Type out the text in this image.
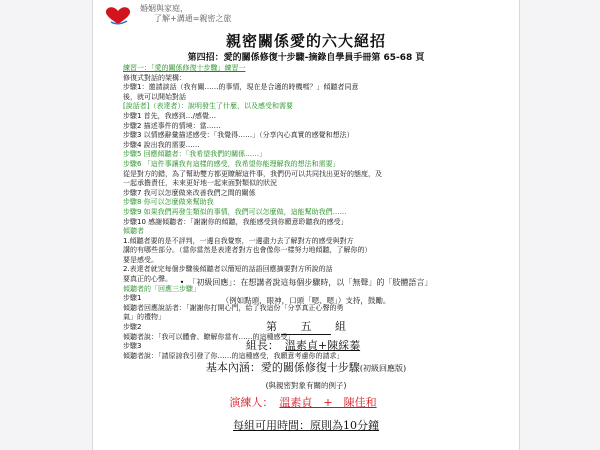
婚姻與家庭，
了解+溝通=親密之旅
親密關係愛的六大絕招
第四招：愛的關係修復十步驟-摘錄自學員手冊第 65-68 頁
練習一：「愛的關係修復十步驟」練習一
修復式對話的架構：
步驟1：邀請談話（我有關……的事情，現在是合適的時機嗎？」傾聽者同意
後，就可以開始對話
[說話者]（表達者）：說明發生了什麼，以及感受和需要
步驟1 首先，我感到…/感覺…
步驟2 描述事件的情境：當……
步驟3 以情感辭彙描述感受：「我覺得……」（分享內心真實的感覺和想法）
步驟4 說出我的需要……
步驟5 回應傾聽者：「我希望我們的關係……」
步驟6 「這件事讓我有這樣的感受，我希望你能理解我的想法和需要」
從是對方的錯，為了幫助雙方都更瞭解這件事，我們仍可以共同找出更好的態度，及
一起承擔責任，未來更好地一起來面對類似的狀況
步驟7 我可以怎麼做來改善我們之間的關係
步驟8 你可以怎麼做來幫助我
步驟9 如果我們再發生類似的事情，我們可以怎麼做，這能幫助我們……
步驟10 感謝傾聽者：「謝謝你的傾聽，我能感受到你願意聆聽我的感受」
傾聽者
1.傾聽者要的是不評判，一邊自我覺察，一邊盡力去了解對方的感受與對方
講的有哪些部分。（當你當然是表達者對方也會像你一樣努力地傾聽，了解你的）
要是感受。
2.表達者就完每個步驟後傾聽者以簡短的話語回應摘要對方所說的話
要真正的心聲。
傾聽者的「回應三步驟」
步驟1
傾聽者回應說話者：「謝謝你打開心門，給了我這份「分享真正心聲的勇
氣」的禮物」
步驟2
傾聽者說：「我可以體會、瞭解你當有……的這種感受」
步驟3
傾聽者說：「請原諒我引發了你……的這種感受，我願意考慮你的請求」
• 「初級回應」：在想講者說這每個步驟時，以「無聲」的「肢體語言」
（例如點頭，眼神，口頭「嗯、嗯」）支持，鼓勵。
第 五 組
組長： 溫素貞+陳綵蓁
基本內涵：愛的關係修復十步驟(初級回應版)
(與親密對象有關的例子)
演練人： 溫素貞　+　陳佳和
每組可用時間：原則為10分鐘
